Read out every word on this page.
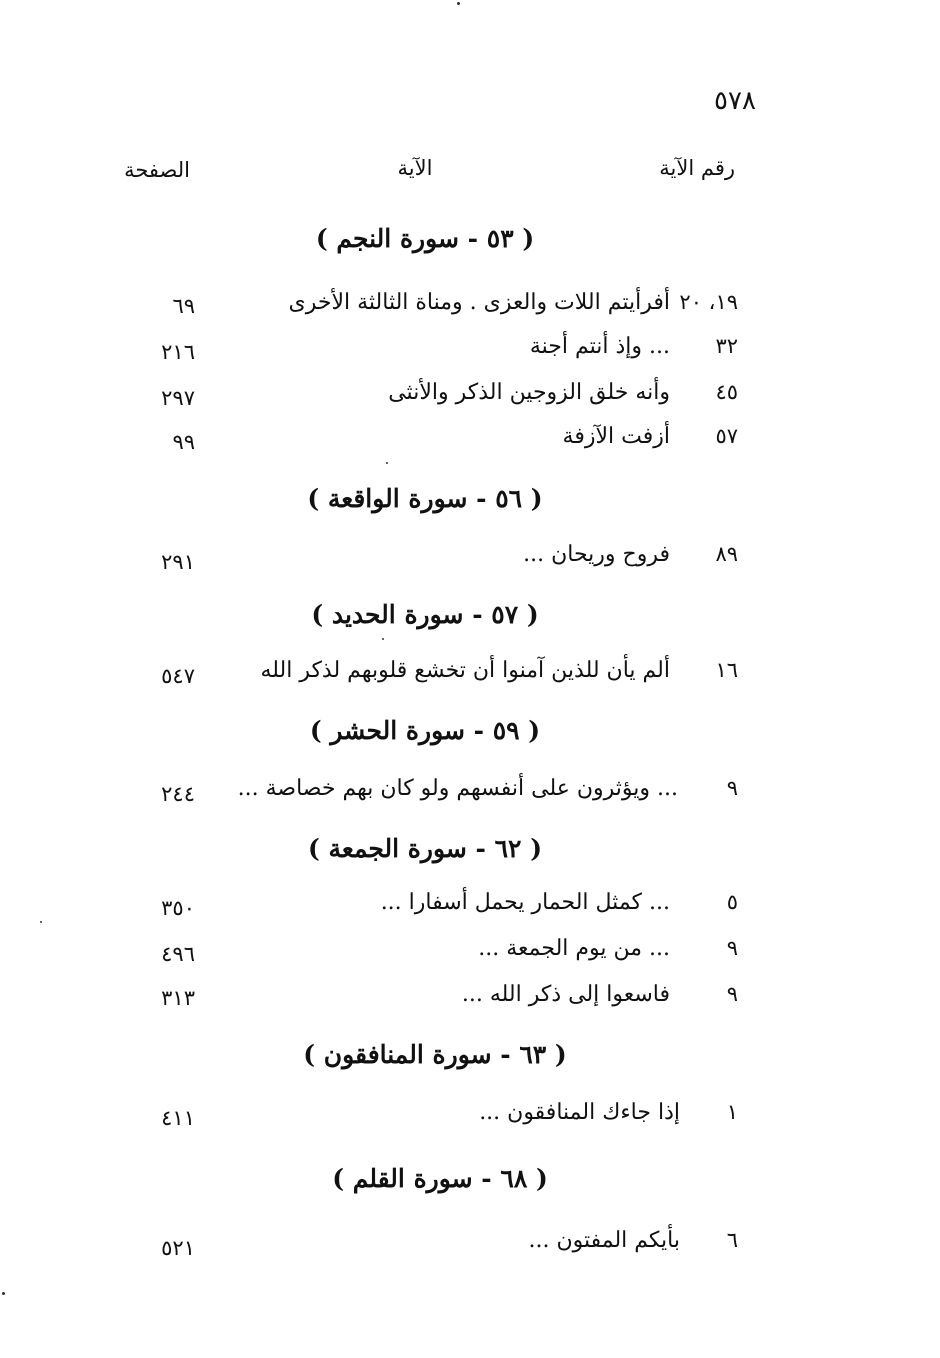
٥٧٨
رقم الآية
الآية
الصفحة
( ٥٣ - سورة النجم )
١٩، ٢٠
أفرأيتم اللات والعزى . ومناة الثالثة الأخرى
٦٩
٣٢
... وإذ أنتم أجنة
٢١٦
٤٥
وأنه خلق الزوجين الذكر والأنثى
٢٩٧
٥٧
أزفت الآزفة
٩٩
( ٥٦ - سورة الواقعة )
٨٩
فروح وريحان ...
٢٩١
( ٥٧ - سورة الحديد )
١٦
ألم يأن للذين آمنوا أن تخشع قلوبهم لذكر الله
٥٤٧
( ٥٩ - سورة الحشر )
٩
... ويؤثرون على أنفسهم ولو كان بهم خصاصة ...
٢٤٤
( ٦٢ - سورة الجمعة )
٥
... كمثل الحمار يحمل أسفارا ...
٣٥٠
٩
... من يوم الجمعة ...
٤٩٦
٩
فاسعوا إلى ذكر الله ...
٣١٣
( ٦٣ - سورة المنافقون )
١
إذا جاءك المنافقون ...
٤١١
( ٦٨ - سورة القلم )
٦
بأيكم المفتون ...
٥٢١
